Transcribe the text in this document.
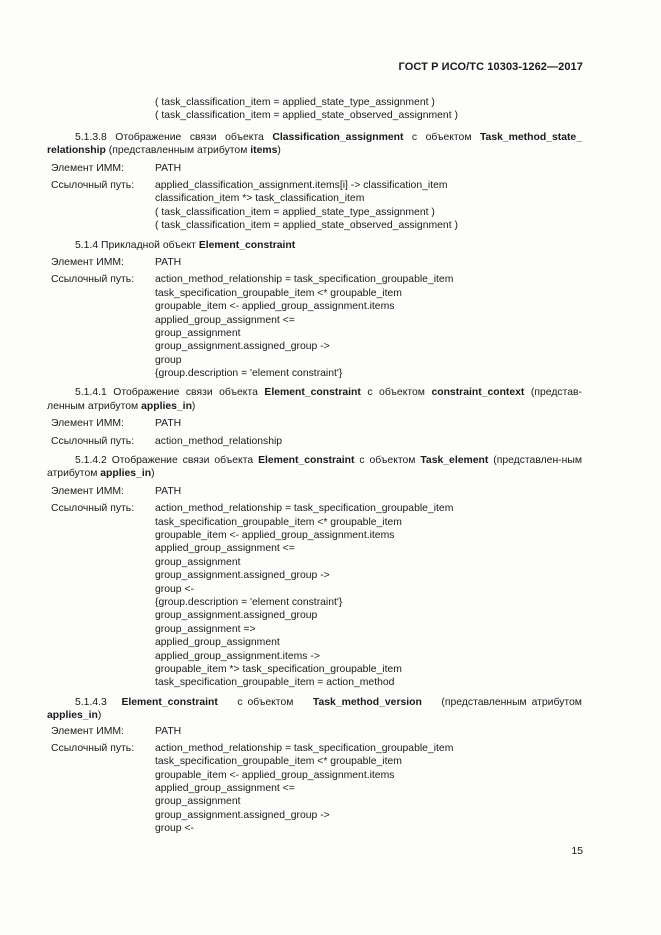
ГОСТ Р ИСО/ТС 10303-1262—2017
( task_classification_item = applied_state_type_assignment )
( task_classification_item = applied_state_observed_assignment )
5.1.3.8 Отображение связи объекта Classification_assignment с объектом Task_method_state_ relationship (представленным атрибутом items)
Элемент ИММ:	PATH
Ссылочный путь:	applied_classification_assignment.items[i] -> classification_item
classification_item *> task_classification_item
( task_classification_item = applied_state_type_assignment )
( task_classification_item = applied_state_observed_assignment )
5.1.4 Прикладной объект Element_constraint
Элемент ИММ:	PATH
Ссылочный путь:	action_method_relationship = task_specification_groupable_item
task_specification_groupable_item <* groupable_item
groupable_item <- applied_group_assignment.items
applied_group_assignment <=
group_assignment
group_assignment.assigned_group ->
group
{group.description = 'element constraint'}
5.1.4.1 Отображение связи объекта Element_constraint с объектом constraint_context (представ-ленным атрибутом applies_in)
Элемент ИММ:	PATH
Ссылочный путь:	action_method_relationship
5.1.4.2 Отображение связи объекта Element_constraint с объектом Task_element (представлен-ным атрибутом applies_in)
Элемент ИММ:	PATH
Ссылочный путь:	action_method_relationship = task_specification_groupable_item
task_specification_groupable_item <* groupable_item
groupable_item <- applied_group_assignment.items
applied_group_assignment <=
group_assignment
group_assignment.assigned_group ->
group <-
{group.description = 'element constraint'}
group_assignment.assigned_group
group_assignment =>
applied_group_assignment
applied_group_assignment.items ->
groupable_item *> task_specification_groupable_item
task_specification_groupable_item = action_method
5.1.4.3 Element_constraint с объектом Task_method_version (представленным атрибутом
applies_in)
Элемент ИММ:	PATH
Ссылочный путь:	action_method_relationship = task_specification_groupable_item
task_specification_groupable_item <* groupable_item
groupable_item <- applied_group_assignment.items
applied_group_assignment <=
group_assignment
group_assignment.assigned_group ->
group <-
15
